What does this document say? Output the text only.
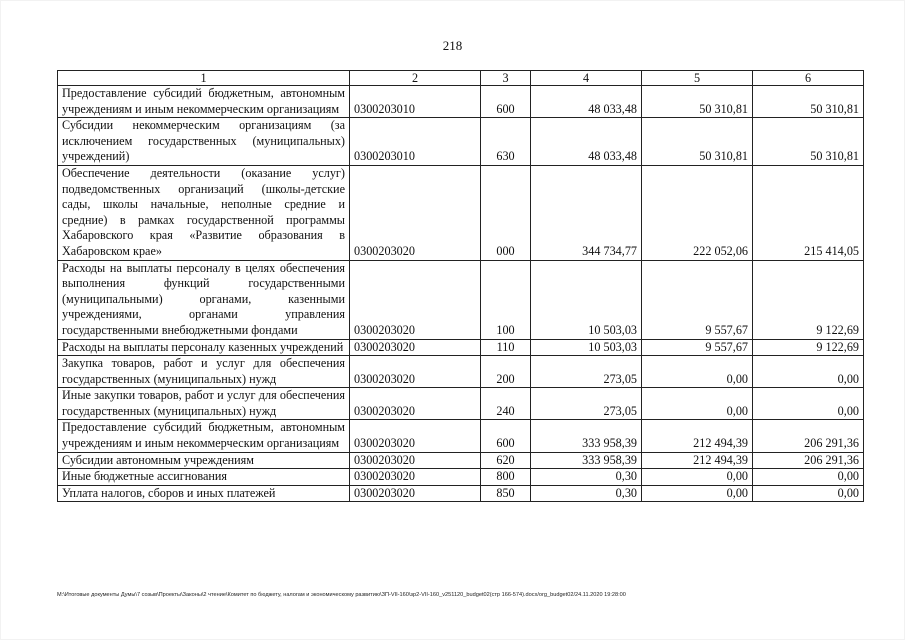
218
1	2	3	4	5	6
Предоставление субсидий бюджетным, автономным учреждениям и иным некоммерческим организациям	0300203010	600	48 033,48	50 310,81	50 310,81
Субсидии некоммерческим организациям (за исключением государственных (муниципальных) учреждений)	0300203010	630	48 033,48	50 310,81	50 310,81
Обеспечение деятельности (оказание услуг) подведомственных организаций (школы-детские сады, школы начальные, неполные средние и средние) в рамках государственной программы Хабаровского края «Развитие образования в Хабаровском крае»	0300203020	000	344 734,77	222 052,06	215 414,05
Расходы на выплаты персоналу в целях обеспечения выполнения функций государственными (муниципальными) органами, казенными учреждениями, органами управления государственными внебюджетными фондами	0300203020	100	10 503,03	9 557,67	9 122,69
Расходы на выплаты персоналу казенных учреждений	0300203020	110	10 503,03	9 557,67	9 122,69
Закупка товаров, работ и услуг для обеспечения государственных (муниципальных) нужд	0300203020	200	273,05	0,00	0,00
Иные закупки товаров, работ и услуг для обеспечения государственных (муниципальных) нужд	0300203020	240	273,05	0,00	0,00
Предоставление субсидий бюджетным, автономным учреждениям и иным некоммерческим организациям	0300203020	600	333 958,39	212 494,39	206 291,36
Субсидии автономным учреждениям	0300203020	620	333 958,39	212 494,39	206 291,36
Иные бюджетные ассигнования	0300203020	800	0,30	0,00	0,00
Уплата налогов, сборов и иных платежей	0300203020	850	0,30	0,00	0,00
M:\Итоговые документы Думы\7 созыв\Проекты\Законы\2 чтение\Комитет по бюджету, налогам и экономическому развитию\ЗП-VII-160\зр2-VII-160_v251120_budget02(стр 166-574).docx/org_budget02/24.11.2020 19:28:00
